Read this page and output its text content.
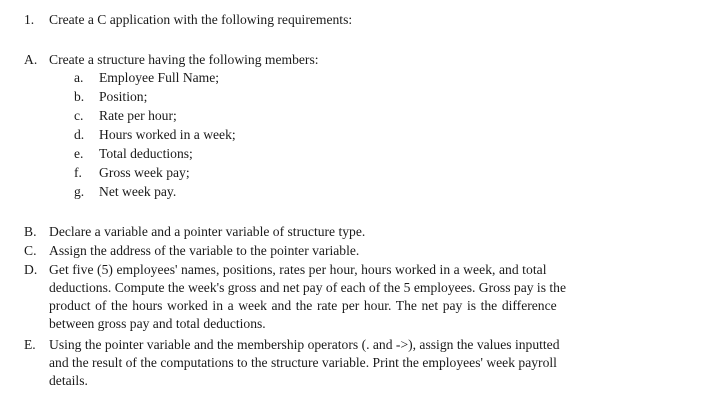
1. Create a C application with the following requirements:
A. Create a structure having the following members:
a. Employee Full Name;
b. Position;
c. Rate per hour;
d. Hours worked in a week;
e. Total deductions;
f. Gross week pay;
g. Net week pay.
B. Declare a variable and a pointer variable of structure type.
C. Assign the address of the variable to the pointer variable.
D. Get five (5) employees' names, positions, rates per hour, hours worked in a week, and total
deductions. Compute the week's gross and net pay of each of the 5 employees. Gross pay is the
product of the hours worked in a week and the rate per hour. The net pay is the difference
between gross pay and total deductions.
E. Using the pointer variable and the membership operators (. and ->), assign the values inputted
and the result of the computations to the structure variable. Print the employees' week payroll
details.
